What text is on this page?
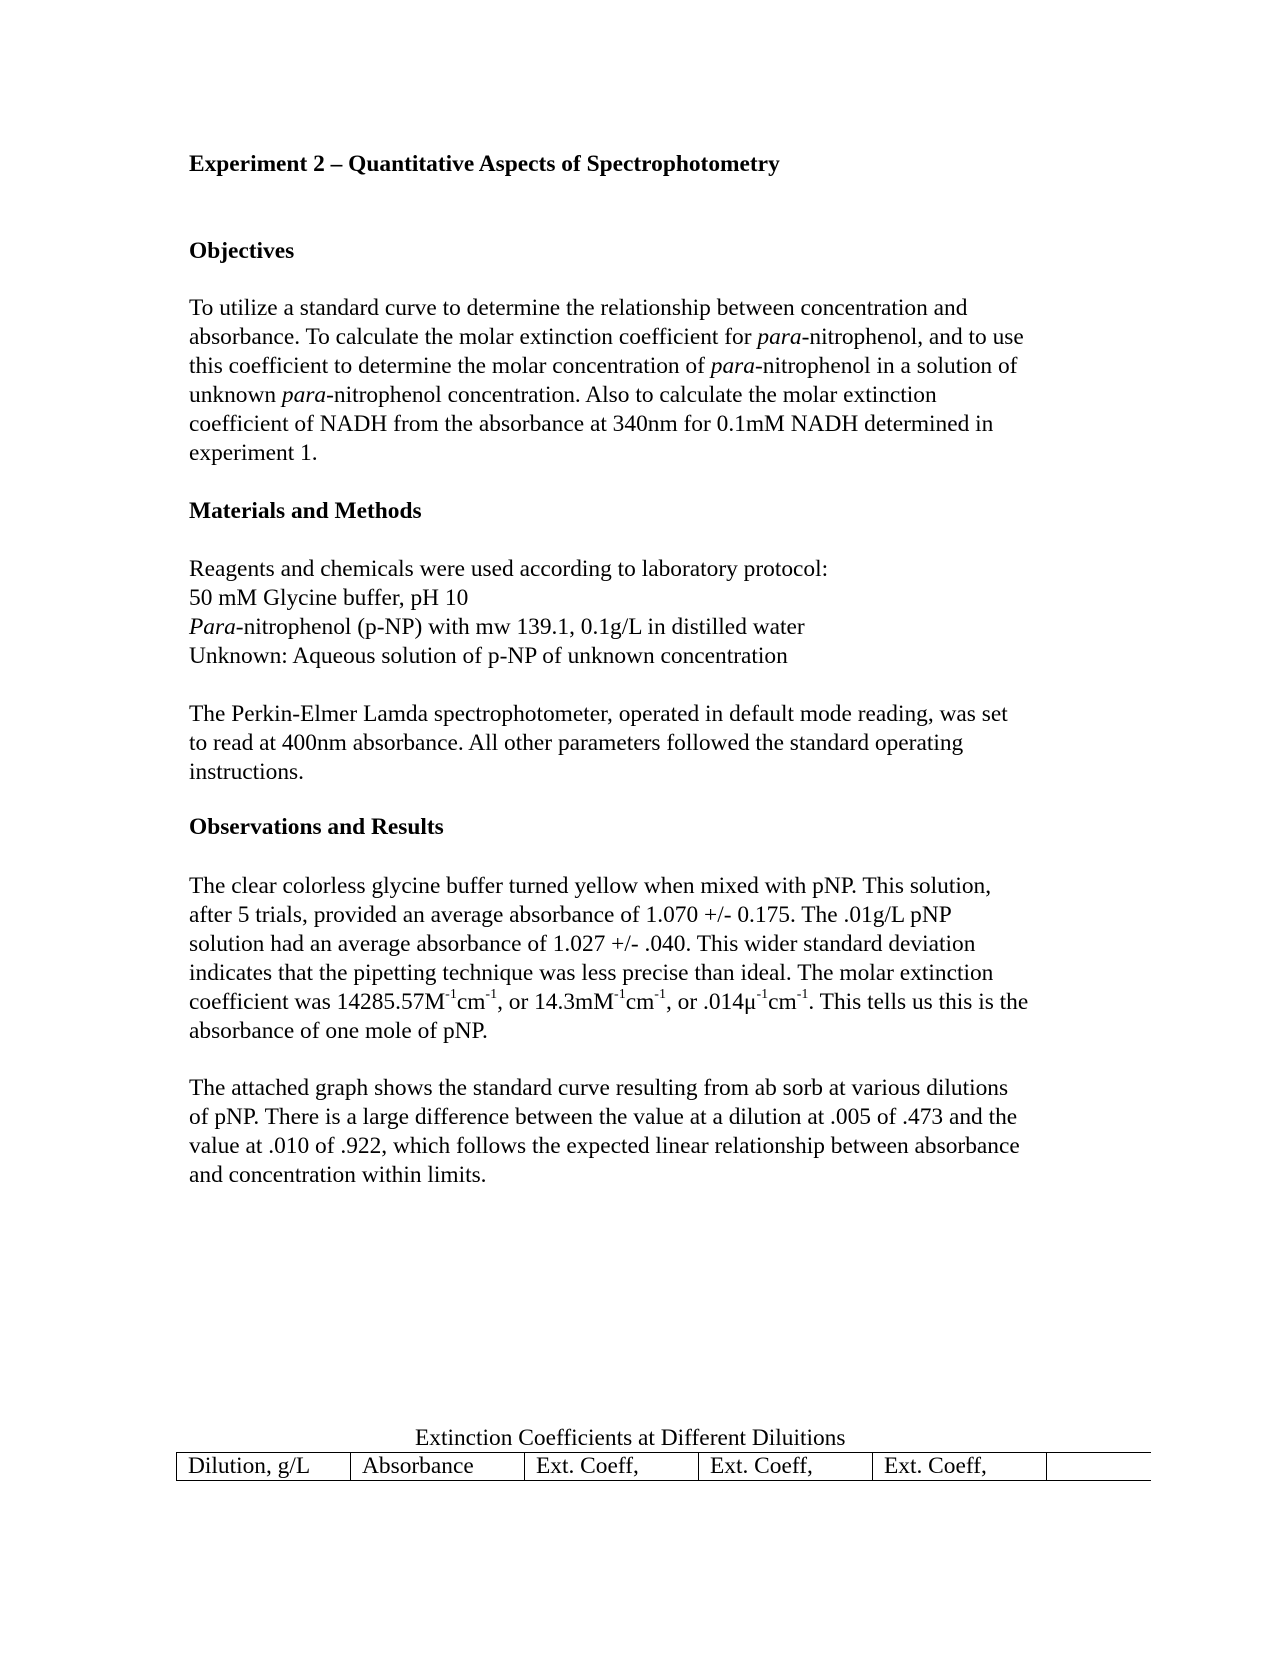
Experiment 2 – Quantitative Aspects of Spectrophotometry
Objectives
To utilize a standard curve to determine the relationship between concentration and
absorbance. To calculate the molar extinction coefficient for para-nitrophenol, and to use
this coefficient to determine the molar concentration of para-nitrophenol in a solution of
unknown para-nitrophenol concentration. Also to calculate the molar extinction
coefficient of NADH from the absorbance at 340nm for 0.1mM NADH determined in
experiment 1.
Materials and Methods
Reagents and chemicals were used according to laboratory protocol:
50 mM Glycine buffer, pH 10
Para-nitrophenol (p-NP) with mw 139.1, 0.1g/L in distilled water
Unknown: Aqueous solution of p-NP of unknown concentration
The Perkin-Elmer Lamda spectrophotometer, operated in default mode reading, was set
to read at 400nm absorbance. All other parameters followed the standard operating
instructions.
Observations and Results
The clear colorless glycine buffer turned yellow when mixed with pNP. This solution,
after 5 trials, provided an average absorbance of 1.070 +/- 0.175. The .01g/L pNP
solution had an average absorbance of 1.027 +/- .040. This wider standard deviation
indicates that the pipetting technique was less precise than ideal. The molar extinction
coefficient was $14285.57M^{-1}cm^{-1}$, or $14.3mM^{-1}cm^{-1}$, or $.014\mu^{-1}cm^{-1}$. This tells us this is the
absorbance of one mole of pNP.
The attached graph shows the standard curve resulting from ab sorb at various dilutions
of pNP. There is a large difference between the value at a dilution at .005 of .473 and the
value at .010 of .922, which follows the expected linear relationship between absorbance
and concentration within limits.
Extinction Coefficients at Different Diluitions
Dilution, g/L	Absorbance	Ext. Coeff,	Ext. Coeff,	Ext. Coeff,	
